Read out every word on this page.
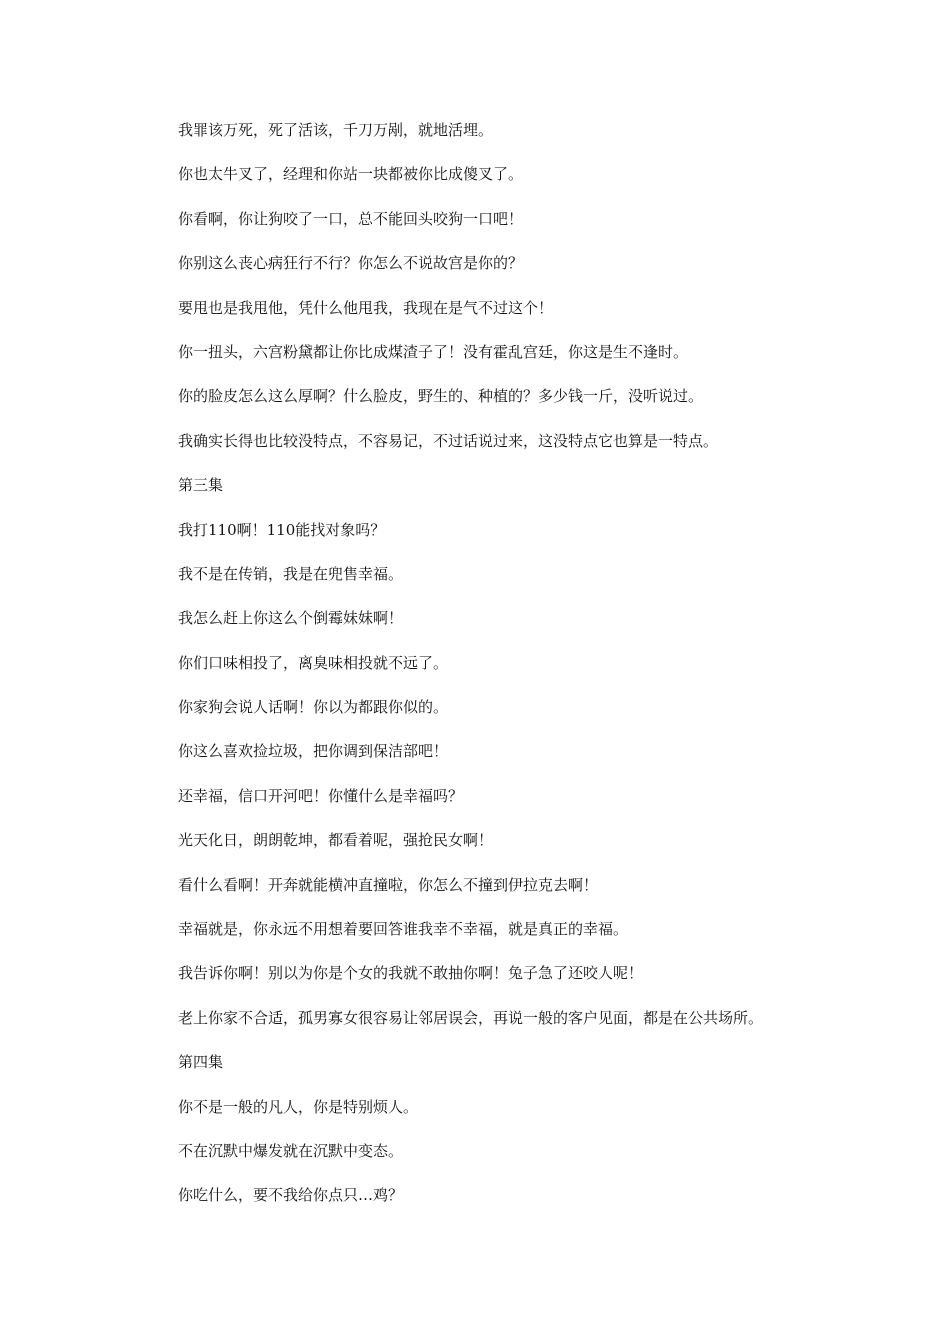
我罪该万死，死了活该，千刀万剐，就地活埋。

你也太牛叉了，经理和你站一块都被你比成傻叉了。

你看啊，你让狗咬了一口，总不能回头咬狗一口吧！

你别这么丧心病狂行不行？你怎么不说故宫是你的？

要甩也是我甩他，凭什么他甩我，我现在是气不过这个！

你一扭头，六宫粉黛都让你比成煤渣子了！没有霍乱宫廷，你这是生不逢时。

你的脸皮怎么这么厚啊？什么脸皮，野生的、种植的？多少钱一斤，没听说过。

我确实长得也比较没特点，不容易记，不过话说过来，这没特点它也算是一特点。

第三集

我打110啊！110能找对象吗？

我不是在传销，我是在兜售幸福。

我怎么赶上你这么个倒霉妹妹啊！

你们口味相投了，离臭味相投就不远了。

你家狗会说人话啊！你以为都跟你似的。

你这么喜欢捡垃圾，把你调到保洁部吧！

还幸福，信口开河吧！你懂什么是幸福吗？

光天化日，朗朗乾坤，都看着呢，强抢民女啊！

看什么看啊！开奔就能横冲直撞啦，你怎么不撞到伊拉克去啊！

幸福就是，你永远不用想着要回答谁我幸不幸福，就是真正的幸福。

我告诉你啊！别以为你是个女的我就不敢抽你啊！兔子急了还咬人呢！

老上你家不合适，孤男寡女很容易让邻居误会，再说一般的客户见面，都是在公共场所。

第四集

你不是一般的凡人，你是特别烦人。

不在沉默中爆发就在沉默中变态。

你吃什么，要不我给你点只…鸡？
